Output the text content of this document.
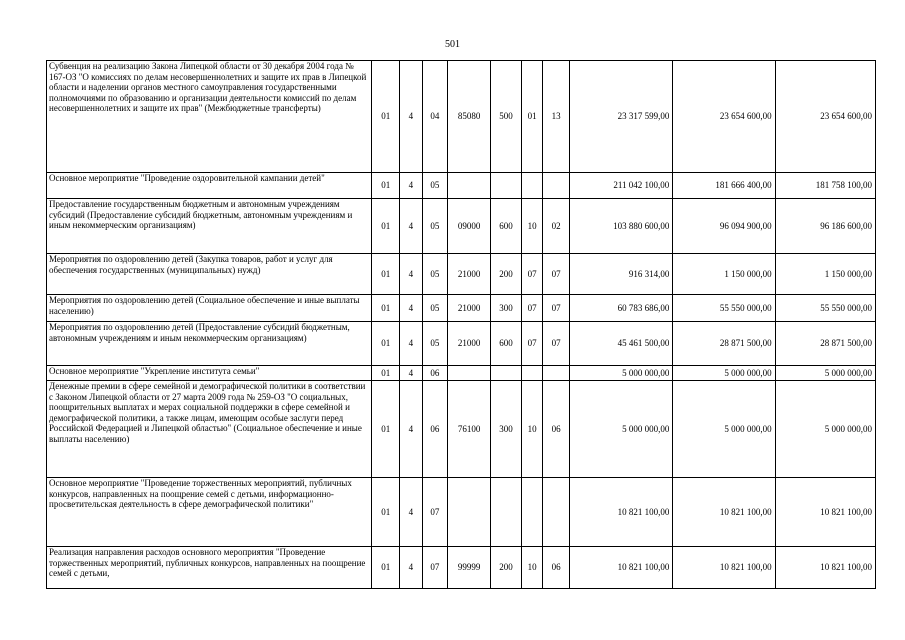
501
Субвенция на реализацию Закона Липецкой области от 30 декабря 2004 года № 167-ОЗ "О комиссиях по делам несовершеннолетних и защите их прав в Липецкой области и наделении органов местного самоуправления государственными полномочиями по образованию и организации деятельности комиссий по делам несовершеннолетних и защите их прав" (Межбюджетные трансферты)	01	4	04	85080	500	01	13	23 317 599,00	23 654 600,00	23 654 600,00
Основное мероприятие "Проведение оздоровительной кампании детей"	01	4	05					211 042 100,00	181 666 400,00	181 758 100,00
Предоставление государственным бюджетным и автономным учреждениям субсидий (Предоставление субсидий бюджетным, автономным учреждениям и иным некоммерческим организациям)	01	4	05	09000	600	10	02	103 880 600,00	96 094 900,00	96 186 600,00
Мероприятия по оздоровлению детей (Закупка товаров, работ и услуг для обеспечения государственных (муниципальных) нужд)	01	4	05	21000	200	07	07	916 314,00	1 150 000,00	1 150 000,00
Мероприятия по оздоровлению детей (Социальное обеспечение и иные выплаты населению)	01	4	05	21000	300	07	07	60 783 686,00	55 550 000,00	55 550 000,00
Мероприятия по оздоровлению детей (Предоставление субсидий бюджетным, автономным учреждениям и иным некоммерческим организациям)	01	4	05	21000	600	07	07	45 461 500,00	28 871 500,00	28 871 500,00
Основное мероприятие "Укрепление института семьи"	01	4	06					5 000 000,00	5 000 000,00	5 000 000,00
Денежные премии в сфере семейной и демографической политики в соответствии с Законом Липецкой области от 27 марта 2009 года № 259-ОЗ "О социальных, поощрительных выплатах и мерах социальной поддержки в сфере семейной и демографической политики, а также лицам, имеющим особые заслуги перед Российской Федерацией и Липецкой областью" (Социальное обеспечение и иные выплаты населению)	01	4	06	76100	300	10	06	5 000 000,00	5 000 000,00	5 000 000,00
Основное мероприятие "Проведение торжественных мероприятий, публичных конкурсов, направленных на поощрение семей с детьми, информационно-просветительская деятельность в сфере демографической политики"	01	4	07					10 821 100,00	10 821 100,00	10 821 100,00
Реализация направления расходов основного мероприятия "Проведение торжественных мероприятий, публичных конкурсов, направленных на поощрение семей с детьми,	01	4	07	99999	200	10	06	10 821 100,00	10 821 100,00	10 821 100,00
